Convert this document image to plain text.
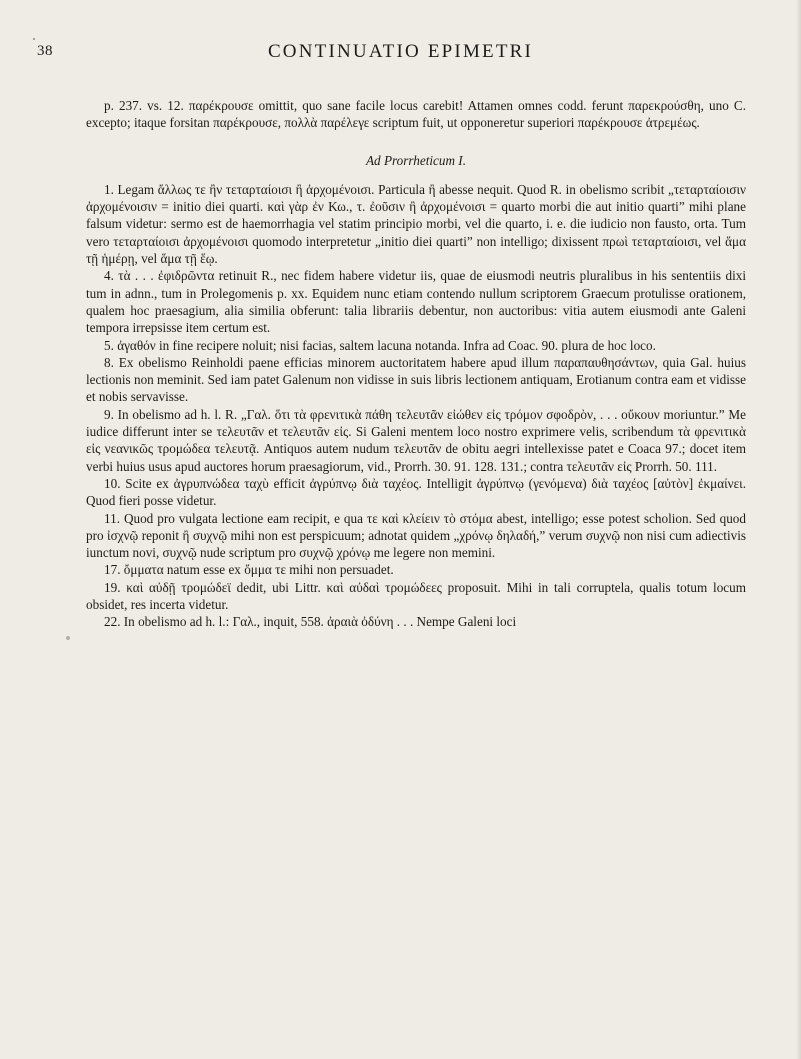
38	CONTINUATIO EPIMETRI

p. 237. vs. 12. παρέκρουσε omittit, quo sane facile locus carebit! Attamen omnes codd. ferunt παρεκρούσθη, uno C. excepto; itaque forsitan παρέκρουσε, πολλὰ παρέλεγε scriptum fuit, ut opponeretur superiori παρέκρουσε ἀτρεμέως.

Ad Prorrheticum I.

1. Legam ἄλλως τε ἢν τεταρταίοισι ἢ ἀρχομένοισι. Particula ἢ abesse nequit. Quod R. in obelismo scribit „τεταρταίοισιν ἀρχομένοισιν = initio diei quarti. καὶ γὰρ ἐν Κω., τ. ἐοῦσιν ἢ ἀρχομένοισι = quarto morbi die aut initio quarti” mihi plane falsum videtur: sermo est de haemorrhagia vel statim principio morbi, vel die quarto, i. e. die iudicio non fausto, orta. Tum vero τεταρταίοισι ἀρχομένοισι quomodo interpretetur „initio diei quarti” non intelligo; dixissent πρωὶ τεταρταίοισι, vel ἅμα τῇ ἡμέρῃ, vel ἅμα τῇ ἕῳ.

4. τὰ . . . ἐφιδρῶντα retinuit R., nec fidem habere videtur iis, quae de eiusmodi neutris pluralibus in his sententiis dixi tum in adnn., tum in Prolegomenis p. xx. Equidem nunc etiam contendo nullum scriptorem Graecum protulisse orationem, qualem hoc praesagium, alia similia obferunt: talia librariis debentur, non auctoribus: vitia autem eiusmodi ante Galeni tempora irrepsisse item certum est.

5. ἀγαθόν in fine recipere noluit; nisi facias, saltem lacuna notanda. Infra ad Coac. 90. plura de hoc loco.

8. Ex obelismo Reinholdi paene efficias minorem auctoritatem habere apud illum παραπαυθησάντων, quia Gal. huius lectionis non meminit. Sed iam patet Galenum non vidisse in suis libris lectionem antiquam, Erotianum contra eam et vidisse et nobis servavisse.

9. In obelismo ad h. l. R. „Γαλ. ὅτι τὰ φρενιτικὰ πάθη τελευτᾶν εἰώθεν εἰς τρόμον σφοδρὸν, . . . οὔκουν moriuntur.” Me iudice differunt inter se τελευτᾶν et τελευτᾶν εἰς. Si Galeni mentem loco nostro exprimere velis, scribendum τὰ φρενιτικὰ εἰς νεανικῶς τρομώδεα τελευτᾷ. Antiquos autem nudum τελευτᾶν de obitu aegri intellexisse patet e Coaca 97.; docet item verbi huius usus apud auctores horum praesagiorum, vid., Prorrh. 30. 91. 128. 131.; contra τελευτᾶν εἰς Prorrh. 50. 111.

10. Scite ex ἀγρυπνώδεα ταχὺ efficit ἀγρύπνῳ διὰ ταχέος. Intelligit ἀγρύπνῳ (γενόμενα) διὰ ταχέος [αὐτὸν] ἐκμαίνει. Quod fieri posse videtur.

11. Quod pro vulgata lectione eam recipit, e qua τε καὶ κλείειν τὸ στόμα abest, intelligo; esse potest scholion. Sed quod pro ἰσχνῷ reponit ἢ συχνῷ mihi non est perspicuum; adnotat quidem „χρόνῳ δηλαδή,” verum συχνῷ non nisi cum adiectivis iunctum novi, συχνῷ nude scriptum pro συχνῷ χρόνῳ me legere non memini.

17. ὄμματα natum esse ex ὄμμα τε mihi non persuadet.

19. καὶ αὐδῇ τρομώδεϊ dedit, ubi Littr. καὶ αὐδαὶ τρομώδεες proposuit. Mihi in tali corruptela, qualis totum locum obsidet, res incerta videtur.

22. In obelismo ad h. l.: Γαλ., inquit, 558. ἀραιὰ ὀδύνη . . . Nempe Galeni loci
